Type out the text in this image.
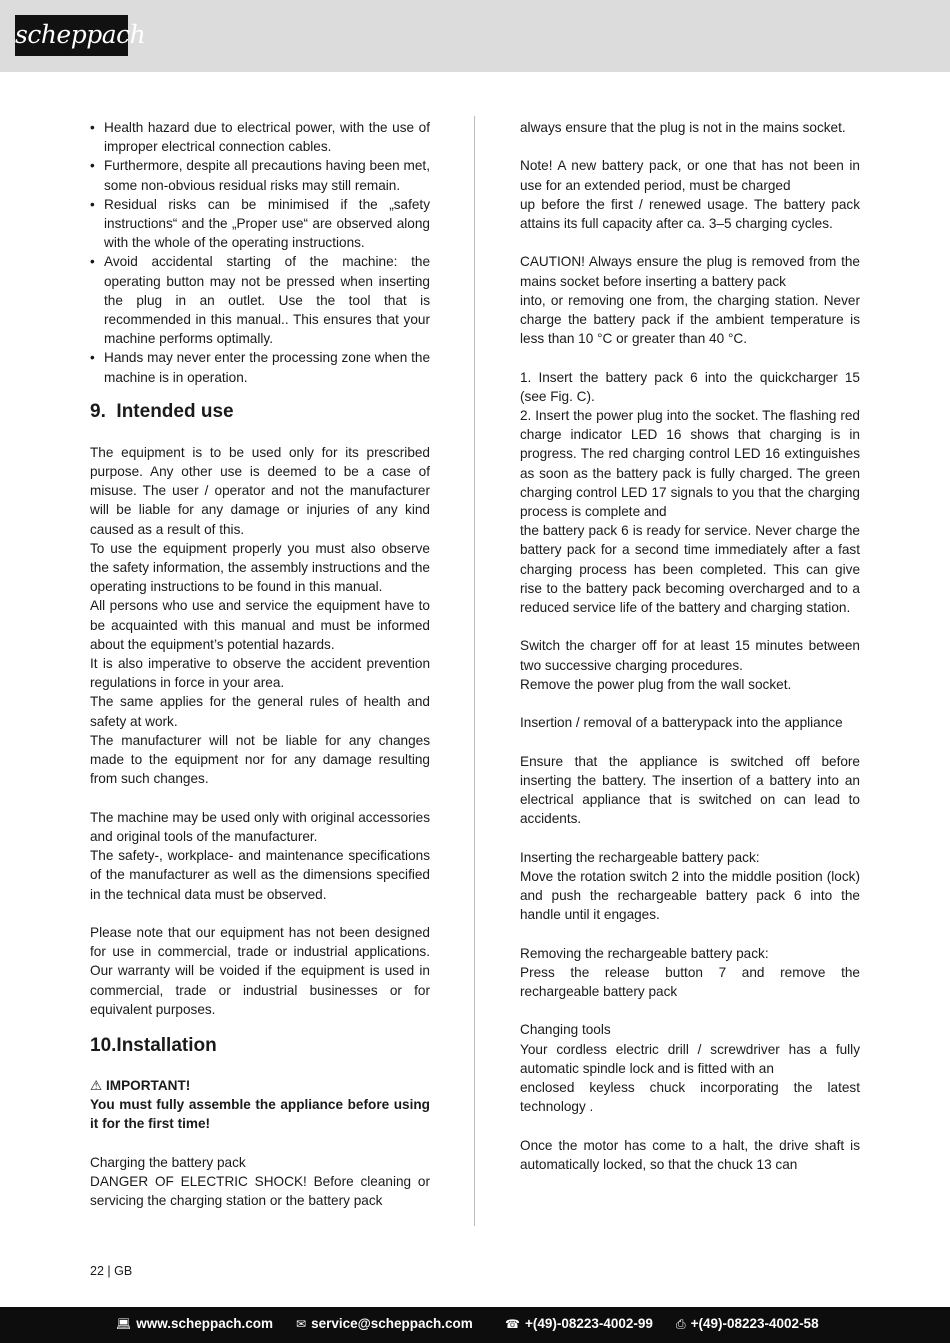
scheppach
• Health hazard due to electrical power, with the use of improper electrical connection cables.
• Furthermore, despite all precautions having been met, some non-obvious residual risks may still remain.
• Residual risks can be minimised if the „safety instructions“ and the „Proper use“ are observed along with the whole of the operating instructions.
• Avoid accidental starting of the machine: the operating button may not be pressed when inserting the plug in an outlet. Use the tool that is recommended in this manual.. This ensures that your machine performs optimally.
• Hands may never enter the processing zone when the machine is in operation.
9. Intended use

The equipment is to be used only for its prescribed purpose. Any other use is deemed to be a case of misuse. The user / operator and not the manufacturer will be liable for any damage or injuries of any kind caused as a result of this.

To use the equipment properly you must also observe the safety information, the assembly instructions and the operating instructions to be found in this manual.

All persons who use and service the equipment have to be acquainted with this manual and must be informed about the equipment’s potential hazards.

It is also imperative to observe the accident prevention regulations in force in your area.

The same applies for the general rules of health and safety at work.

The manufacturer will not be liable for any changes made to the equipment nor for any damage resulting from such changes.

The machine may be used only with original accessories and original tools of the manufacturer.

The safety-, workplace- and maintenance specifications of the manufacturer as well as the dimensions specified in the technical data must be observed.

Please note that our equipment has not been designed for use in commercial, trade or industrial applications. Our warranty will be voided if the equipment is used in commercial, trade or industrial businesses or for equivalent purposes.

10.Installation

⚠ IMPORTANT!

You must fully assemble the appliance before using it for the first time!

Charging the battery pack

DANGER OF ELECTRIC SHOCK! Before cleaning or servicing the charging station or the battery pack

always ensure that the plug is not in the mains socket.

Note! A new battery pack, or one that has not been in use for an extended period, must be charged

up before the first / renewed usage. The battery pack attains its full capacity after ca. 3–5 charging cycles.

CAUTION! Always ensure the plug is removed from the mains socket before inserting a battery pack

into, or removing one from, the charging station. Never charge the battery pack if the ambient temperature is less than 10 °C or greater than 40 °C.

1. Insert the battery pack 6 into the quickcharger 15 (see Fig. C).

2. Insert the power plug into the socket. The flashing red charge indicator LED 16 shows that charging is in progress. The red charging control LED 16 extinguishes as soon as the battery pack is fully charged. The green charging control LED 17 signals to you that the charging process is complete and

the battery pack 6 is ready for service. Never charge the battery pack for a second time immediately after a fast charging process has been completed. This can give rise to the battery pack becoming overcharged and to a reduced service life of the battery and charging station.

Switch the charger off for at least 15 minutes between two successive charging procedures.

Remove the power plug from the wall socket.

Insertion / removal of a batterypack into the appliance

Ensure that the appliance is switched off before inserting the battery. The insertion of a battery into an electrical appliance that is switched on can lead to accidents.

Inserting the rechargeable battery pack:

Move the rotation switch 2 into the middle position (lock) and push the rechargeable battery pack 6 into the handle until it engages.

Removing the rechargeable battery pack:

Press the release button 7 and remove the rechargeable battery pack

Changing tools

Your cordless electric drill / screwdriver has a fully automatic spindle lock and is fitted with an

enclosed keyless chuck incorporating the latest technology .

Once the motor has come to a halt, the drive shaft is automatically locked, so that the chuck 13 can

22 | GB
💻︎ www.scheppach.com ✉︎ service@scheppach.com	☎︎ +(49)-08223-4002-99 ⎙ +(49)-08223-4002-58
